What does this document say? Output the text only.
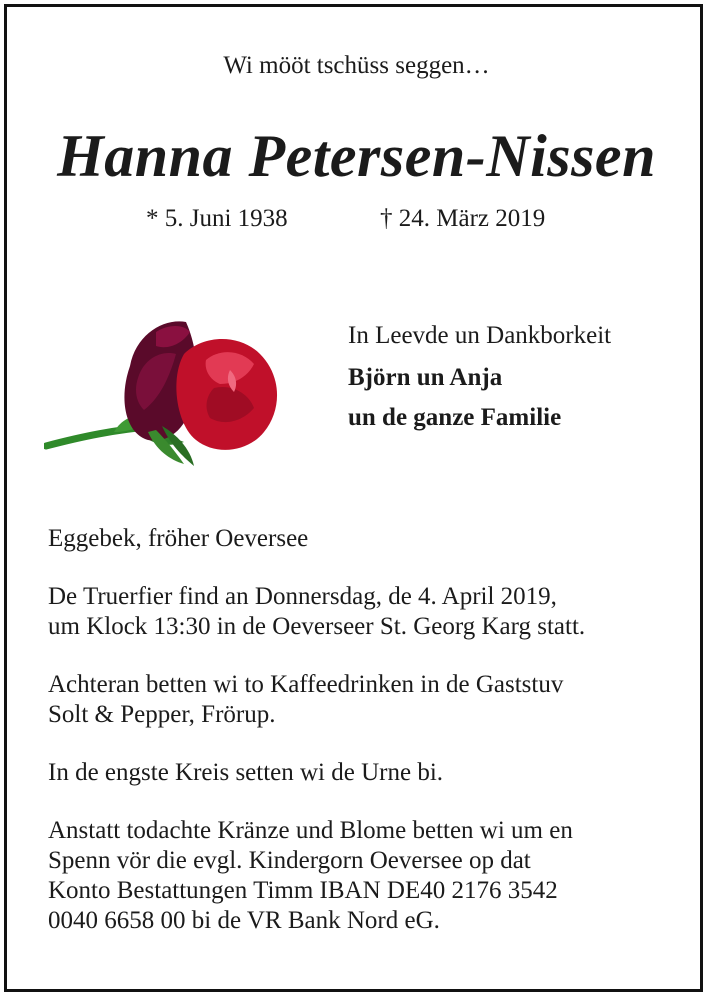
Wi mööt tschüss seggen…

Hanna Petersen-Nissen

* 5. Juni 1938	† 24. März 2019

In Leevde un Dankborkeit

Björn un Anja

un de ganze Familie

Eggebek, fröher Oeversee

De Truerfier find an Donnersdag, de 4. April 2019,
um Klock 13:30 in de Oeverseer St. Georg Karg statt.
Achteran betten wi to Kaffeedrinken in de Gaststuv
Solt & Pepper, Frörup.

In de engste Kreis setten wi de Urne bi.

Anstatt todachte Kränze und Blome betten wi um en
Spenn vör die evgl. Kindergorn Oeversee op dat
Konto Bestattungen Timm IBAN DE40 2176 3542
0040 6658 00 bi de VR Bank Nord eG.
